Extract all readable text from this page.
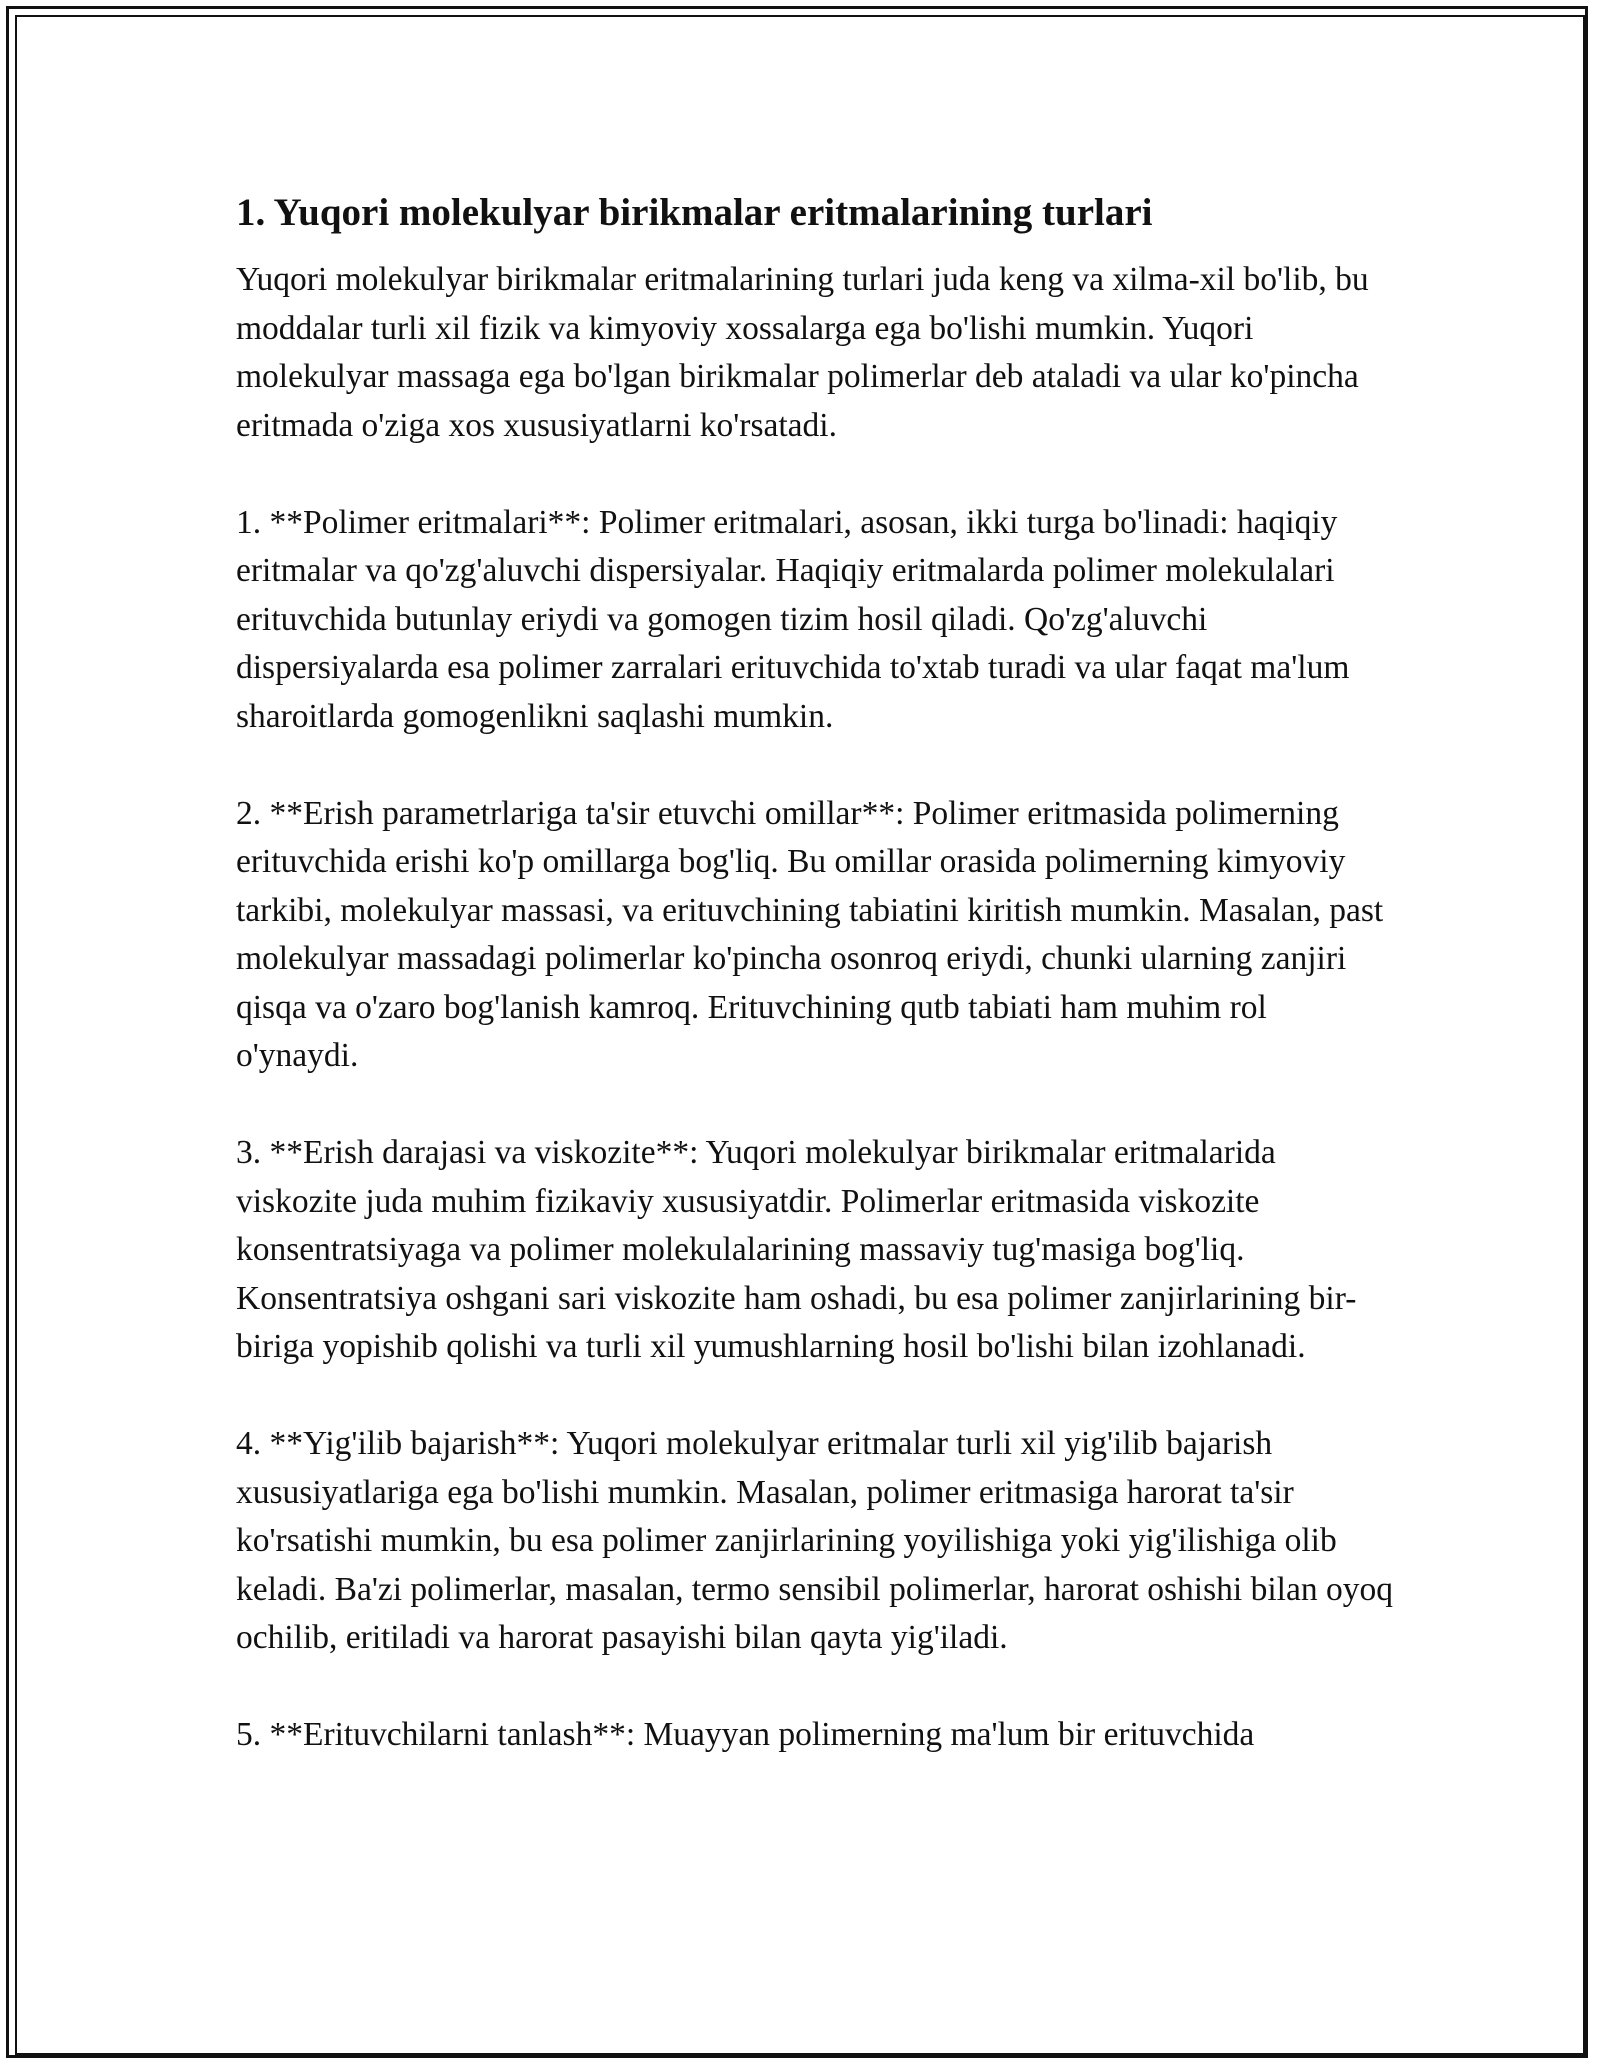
1. Yuqori molekulyar birikmalar eritmalarining turlari

Yuqori molekulyar birikmalar eritmalarining turlari juda keng va xilma-xil bo'lib, bu moddalar turli xil fizik va kimyoviy xossalarga ega bo'lishi mumkin. Yuqori molekulyar massaga ega bo'lgan birikmalar polimerlar deb ataladi va ular ko'pincha eritmada o'ziga xos xususiyatlarni ko'rsatadi.

1. **Polimer eritmalari**: Polimer eritmalari, asosan, ikki turga bo'linadi: haqiqiy eritmalar va qo'zg'aluvchi dispersiyalar. Haqiqiy eritmalarda polimer molekulalari erituvchida butunlay eriydi va gomogen tizim hosil qiladi. Qo'zg'aluvchi dispersiyalarda esa polimer zarralari erituvchida to'xtab turadi va ular faqat ma'lum sharoitlarda gomogenlikni saqlashi mumkin.

2. **Erish parametrlariga ta'sir etuvchi omillar**: Polimer eritmasida polimerning erituvchida erishi ko'p omillarga bog'liq. Bu omillar orasida polimerning kimyoviy tarkibi, molekulyar massasi, va erituvchining tabiatini kiritish mumkin. Masalan, past molekulyar massadagi polimerlar ko'pincha osonroq eriydi, chunki ularning zanjiri qisqa va o'zaro bog'lanish kamroq. Erituvchining qutb tabiati ham muhim rol o'ynaydi.

3. **Erish darajasi va viskozite**: Yuqori molekulyar birikmalar eritmalarida viskozite juda muhim fizikaviy xususiyatdir. Polimerlar eritmasida viskozite konsentratsiyaga va polimer molekulalarining massaviy tug'masiga bog'liq. Konsentratsiya oshgani sari viskozite ham oshadi, bu esa polimer zanjirlarining bir-biriga yopishib qolishi va turli xil yumushlarning hosil bo'lishi bilan izohlanadi.

4. **Yig'ilib bajarish**: Yuqori molekulyar eritmalar turli xil yig'ilib bajarish xususiyatlariga ega bo'lishi mumkin. Masalan, polimer eritmasiga harorat ta'sir ko'rsatishi mumkin, bu esa polimer zanjirlarining yoyilishiga yoki yig'ilishiga olib keladi. Ba'zi polimerlar, masalan, termo sensibil polimerlar, harorat oshishi bilan oyoq ochilib, eritiladi va harorat pasayishi bilan qayta yig'iladi.

5. **Erituvchilarni tanlash**: Muayyan polimerning ma'lum bir erituvchida
